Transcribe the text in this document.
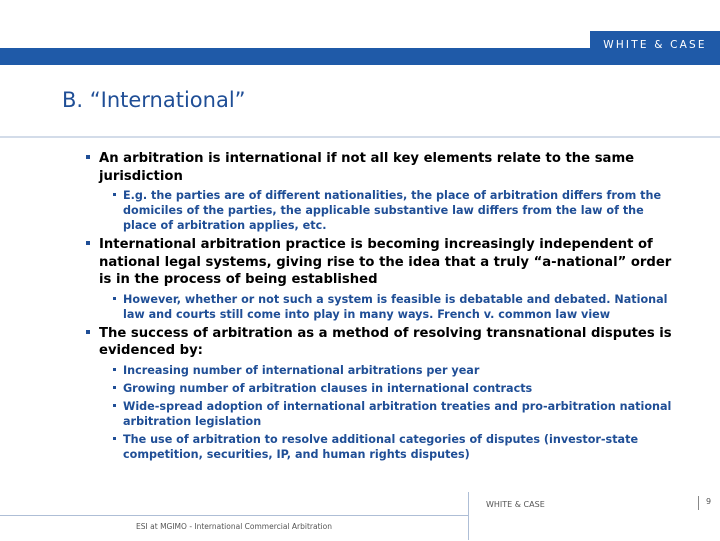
WHITE & CASE
B. “International”
An arbitration is international if not all key elements relate to the same jurisdiction
E.g. the parties are of different nationalities, the place of arbitration differs from the domiciles of the parties, the applicable substantive law differs from the law of the place of arbitration applies, etc.
International arbitration practice is becoming increasingly independent of national legal systems, giving rise to the idea that a truly “a-national” order is in the process of being established
However, whether or not such a system is feasible is debatable and debated. National law and courts still come into play in many ways. French v. common law view
The success of arbitration as a method of resolving transnational disputes is evidenced by:
Increasing number of international arbitrations per year
Growing number of arbitration clauses in international contracts
Wide-spread adoption of international arbitration treaties and pro-arbitration national arbitration legislation
The use of arbitration to resolve additional categories of disputes (investor-state competition, securities, IP, and human rights disputes)
WHITE & CASE	9
ESI at MGIMO - International Commercial Arbitration
